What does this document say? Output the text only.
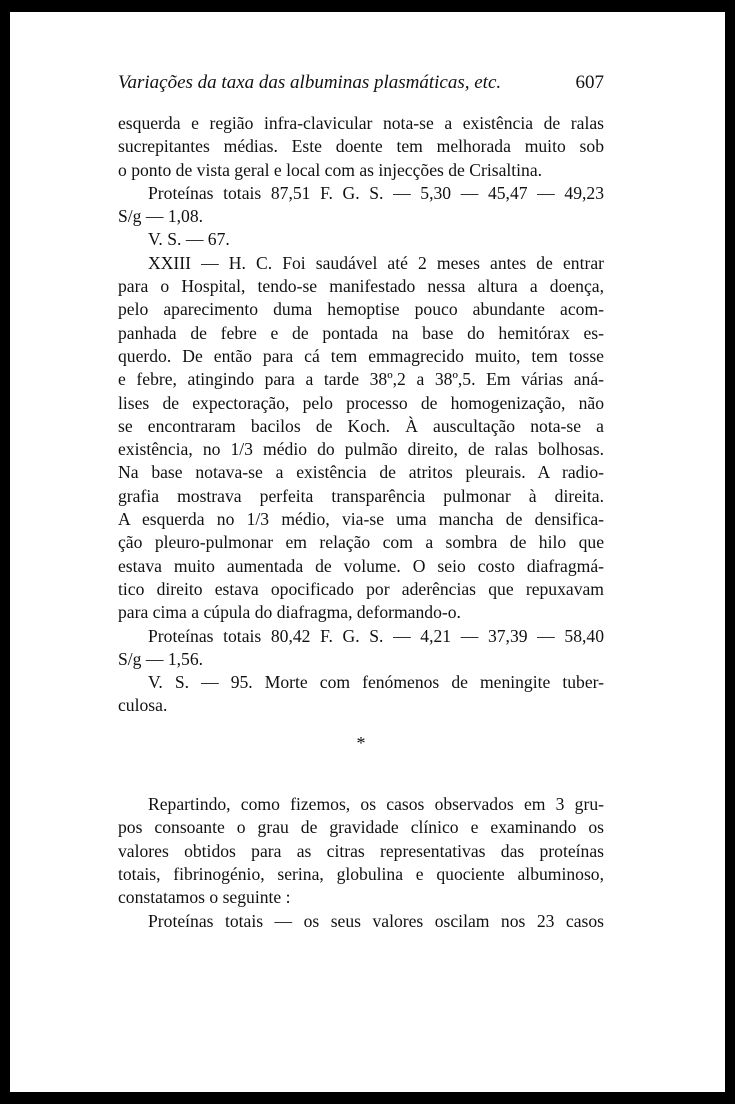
Variações da taxa das albuminas plasmáticas, etc.	607
esquerda e região infra-clavicular nota-se a existência de ralas
sucrepitantes médias. Este doente tem melhorada muito sob
o ponto de vista geral e local com as injecções de Crisaltina.
Proteínas totais 87,51 F. G. S. — 5,30 — 45,47 — 49,23
S/g — 1,08.
V. S. — 67.
XXIII — H. C. Foi saudável até 2 meses antes de entrar
para o Hospital, tendo-se manifestado nessa altura a doença,
pelo aparecimento duma hemoptise pouco abundante acom-
panhada de febre e de pontada na base do hemitórax es-
querdo. De então para cá tem emmagrecido muito, tem tosse
e febre, atingindo para a tarde 38º,2 a 38º,5. Em várias aná-
lises de expectoração, pelo processo de homogenização, não
se encontraram bacilos de Koch. À auscultação nota-se a
existência, no 1/3 médio do pulmão direito, de ralas bolhosas.
Na base notava-se a existência de atritos pleurais. A radio-
grafia mostrava perfeita transparência pulmonar à direita.
A esquerda no 1/3 médio, via-se uma mancha de densifica-
ção pleuro-pulmonar em relação com a sombra de hilo que
estava muito aumentada de volume. O seio costo diafragmá-
tico direito estava opocificado por aderências que repuxavam
para cima a cúpula do diafragma, deformando-o.
Proteínas totais 80,42 F. G. S. — 4,21 — 37,39 — 58,40
S/g — 1,56.
V. S. — 95. Morte com fenómenos de meningite tuber-
culosa.
*
Repartindo, como fizemos, os casos observados em 3 gru-
pos consoante o grau de gravidade clínico e examinando os
valores obtidos para as citras representativas das proteínas
totais, fibrinogénio, serina, globulina e quociente albuminoso,
constatamos o seguinte :
Proteínas totais — os seus valores oscilam nos 23 casos
